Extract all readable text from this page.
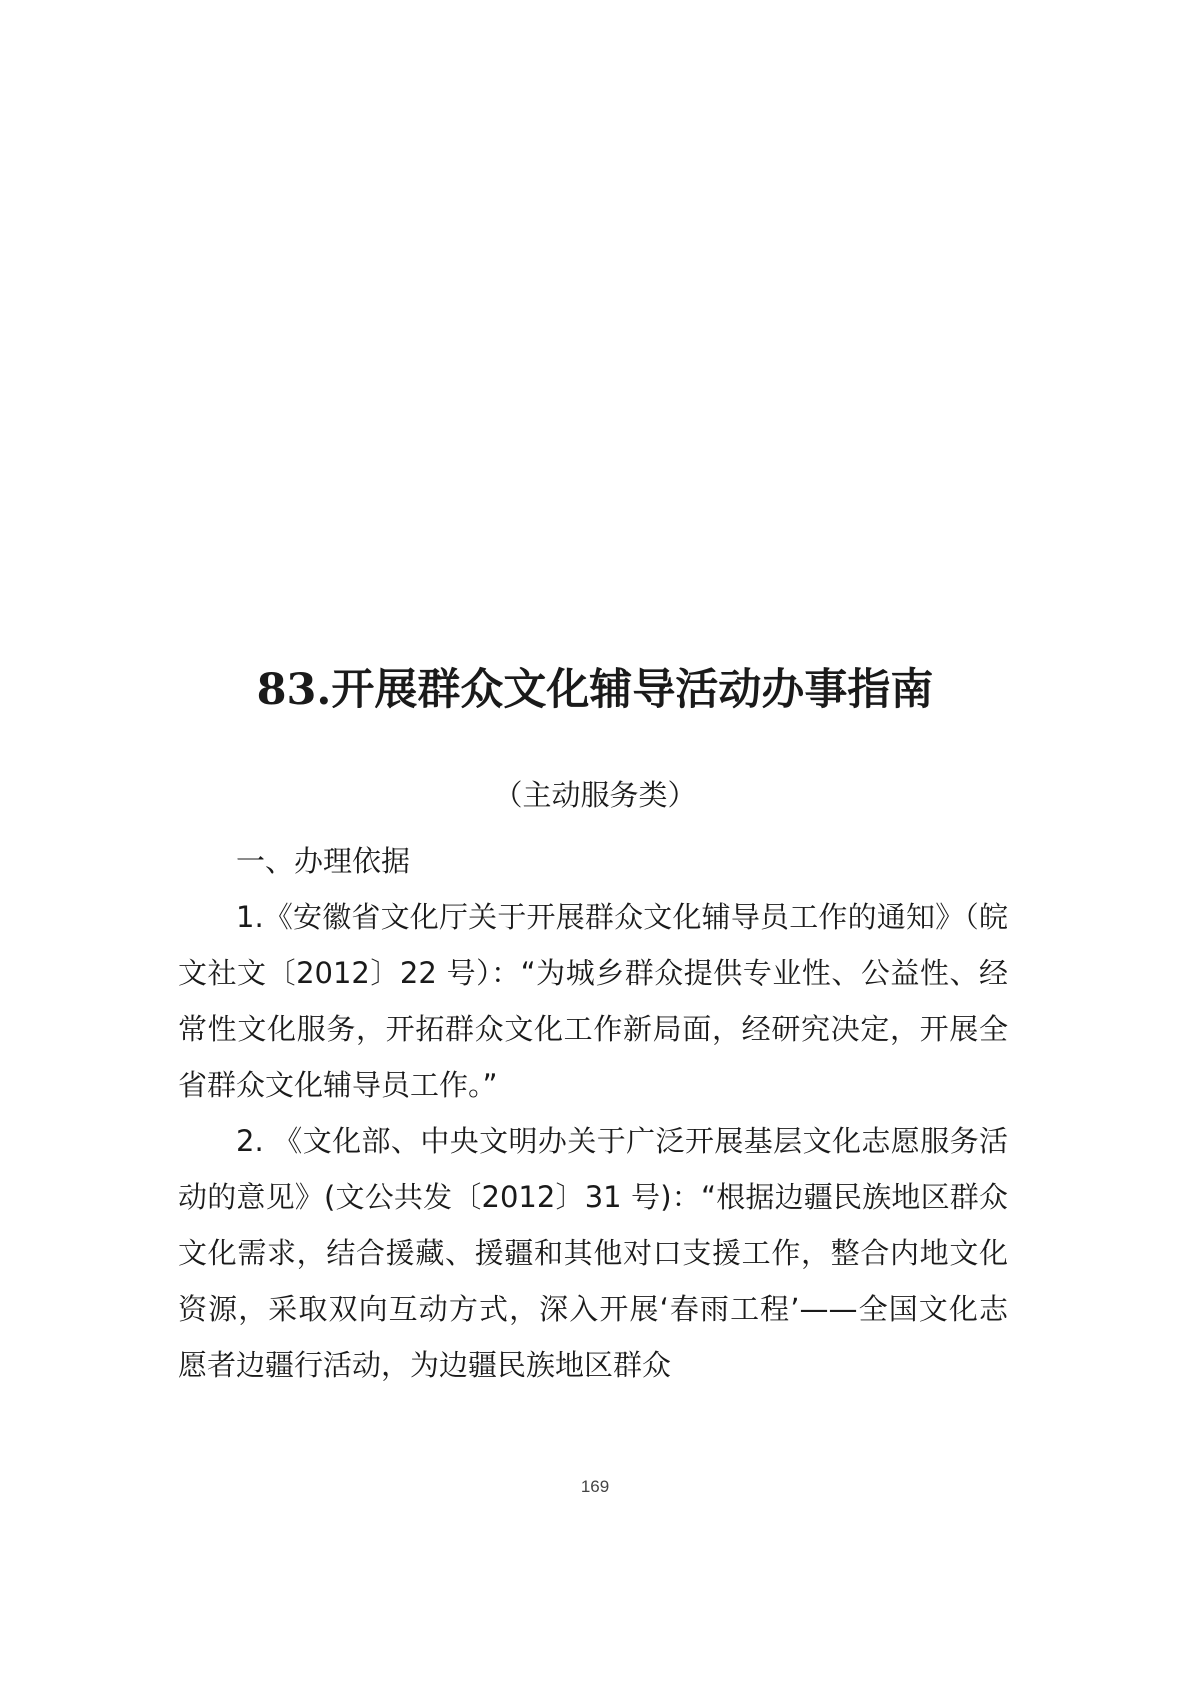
83.开展群众文化辅导活动办事指南
（主动服务类）

一、办理依据

1.《安徽省文化厅关于开展群众文化辅导员工作的通知》（皖文社文〔2012〕22 号）：“为城乡群众提供专业性、公益性、经常性文化服务，开拓群众文化工作新局面，经研究决定，开展全省群众文化辅导员工作。”

2. 《文化部、中央文明办关于广泛开展基层文化志愿服务活动的意见》(文公共发〔2012〕31 号)：“根据边疆民族地区群众文化需求，结合援藏、援疆和其他对口支援工作，整合内地文化资源，采取双向互动方式，深入开展‘春雨工程’——全国文化志愿者边疆行活动，为边疆民族地区群众

169
